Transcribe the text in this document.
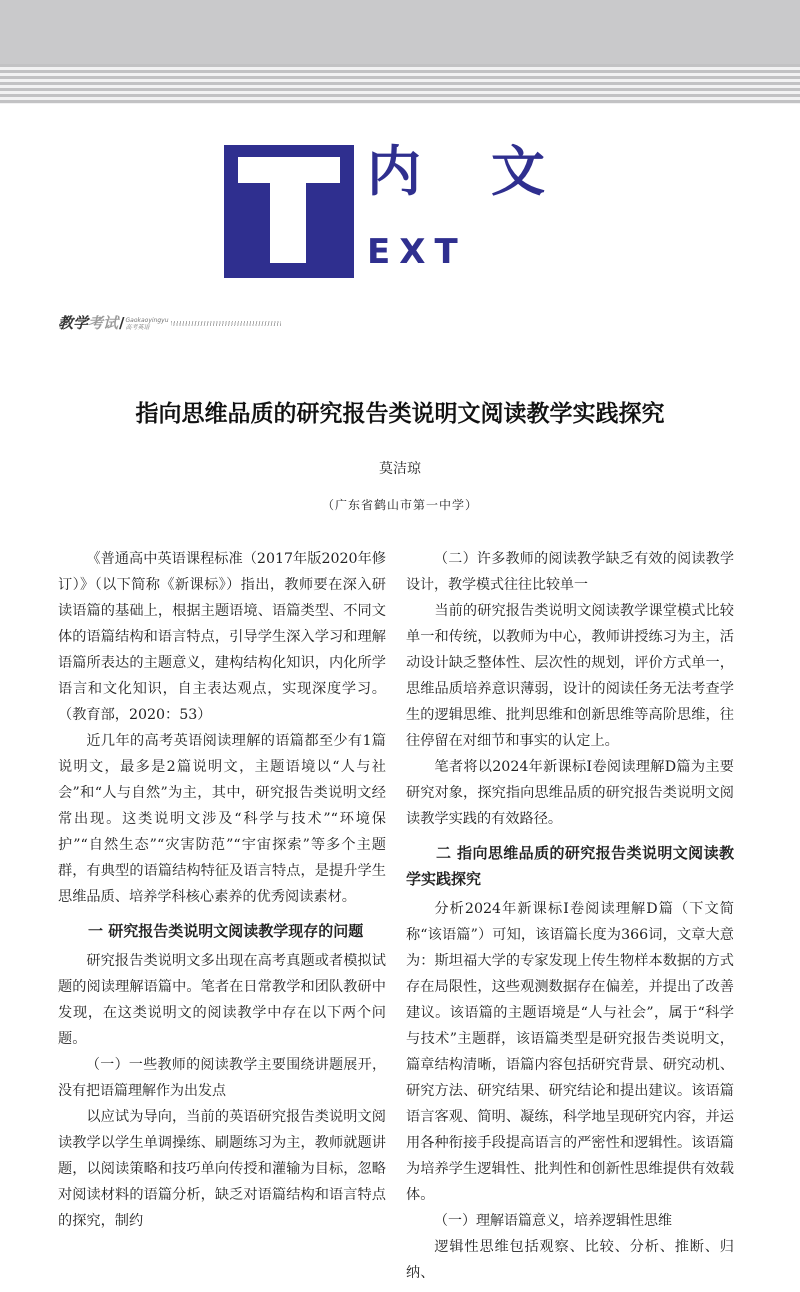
内文
EXT
教学考试/Gaokaoyingyu
高考英语
指向思维品质的研究报告类说明文阅读教学实践探究
莫洁琼
（广东省鹤山市第一中学）

《普通高中英语课程标准（2017年版2020年修订）》（以下简称《新课标》）指出，教师要在深入研读语篇的基础上，根据主题语境、语篇类型、不同文体的语篇结构和语言特点，引导学生深入学习和理解语篇所表达的主题意义，建构结构化知识，内化所学语言和文化知识，自主表达观点，实现深度学习。（教育部，2020：53）

近几年的高考英语阅读理解的语篇都至少有1篇说明文，最多是2篇说明文，主题语境以“人与社会”和“人与自然”为主，其中，研究报告类说明文经常出现。这类说明文涉及“科学与技术”“环境保护”“自然生态”“灾害防范”“宇宙探索”等多个主题群，有典型的语篇结构特征及语言特点，是提升学生思维品质、培养学科核心素养的优秀阅读素材。

一 研究报告类说明文阅读教学现存的问题

研究报告类说明文多出现在高考真题或者模拟试题的阅读理解语篇中。笔者在日常教学和团队教研中发现，在这类说明文的阅读教学中存在以下两个问题。

（一）一些教师的阅读教学主要围绕讲题展开，没有把语篇理解作为出发点

以应试为导向，当前的英语研究报告类说明文阅读教学以学生单调操练、刷题练习为主，教师就题讲题，以阅读策略和技巧单向传授和灌输为目标，忽略对阅读材料的语篇分析，缺乏对语篇结构和语言特点的探究，制约

（二）许多教师的阅读教学缺乏有效的阅读教学设计，教学模式往往比较单一

当前的研究报告类说明文阅读教学课堂模式比较单一和传统，以教师为中心，教师讲授练习为主，活动设计缺乏整体性、层次性的规划，评价方式单一，思维品质培养意识薄弱，设计的阅读任务无法考查学生的逻辑思维、批判思维和创新思维等高阶思维，往往停留在对细节和事实的认定上。

笔者将以2024年新课标Ⅰ卷阅读理解D篇为主要研究对象，探究指向思维品质的研究报告类说明文阅读教学实践的有效路径。

二 指向思维品质的研究报告类说明文阅读教学实践探究

分析2024年新课标Ⅰ卷阅读理解D篇（下文简称“该语篇”）可知，该语篇长度为366词，文章大意为：斯坦福大学的专家发现上传生物样本数据的方式存在局限性，这些观测数据存在偏差，并提出了改善建议。该语篇的主题语境是“人与社会”，属于“科学与技术”主题群，该语篇类型是研究报告类说明文，篇章结构清晰，语篇内容包括研究背景、研究动机、研究方法、研究结果、研究结论和提出建议。该语篇语言客观、简明、凝练，科学地呈现研究内容，并运用各种衔接手段提高语言的严密性和逻辑性。该语篇为培养学生逻辑性、批判性和创新性思维提供有效载体。

（一）理解语篇意义，培养逻辑性思维

逻辑性思维包括观察、比较、分析、推断、归纳、
